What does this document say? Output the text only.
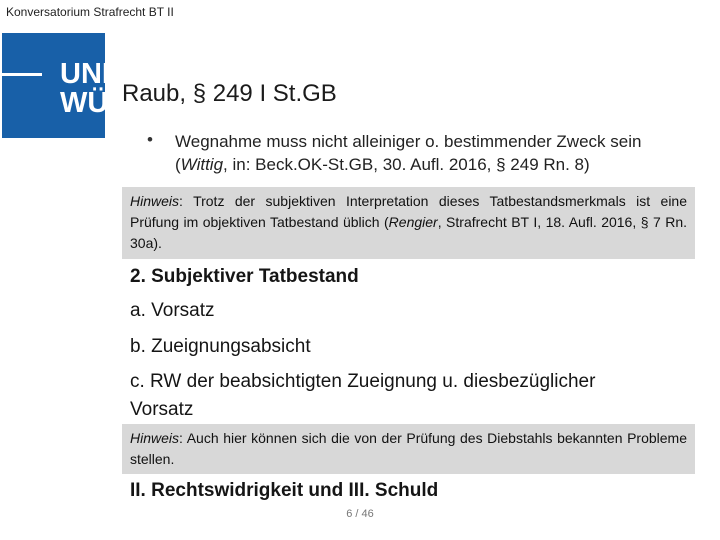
Konversatorium Strafrecht BT II
UNI
WÜ Raub, § 249 I St.GB
• Wegnahme muss nicht alleiniger o. bestimmender Zweck sein (Wittig, in: Beck.OK-St.GB, 30. Aufl. 2016, § 249 Rn. 8)
Hinweis: Trotz der subjektiven Interpretation dieses Tatbestandsmerkmals ist eine Prüfung im objektiven Tatbestand üblich (Rengier, Strafrecht BT I, 18. Aufl. 2016, § 7 Rn. 30a).
2. Subjektiver Tatbestand
a. Vorsatz
b. Zueignungsabsicht
c. RW der beabsichtigten Zueignung u. diesbezüglicher
Vorsatz
Hinweis: Auch hier können sich die von der Prüfung des Diebstahls bekannten Probleme stellen.
II. Rechtswidrigkeit und III. Schuld
6 / 46
